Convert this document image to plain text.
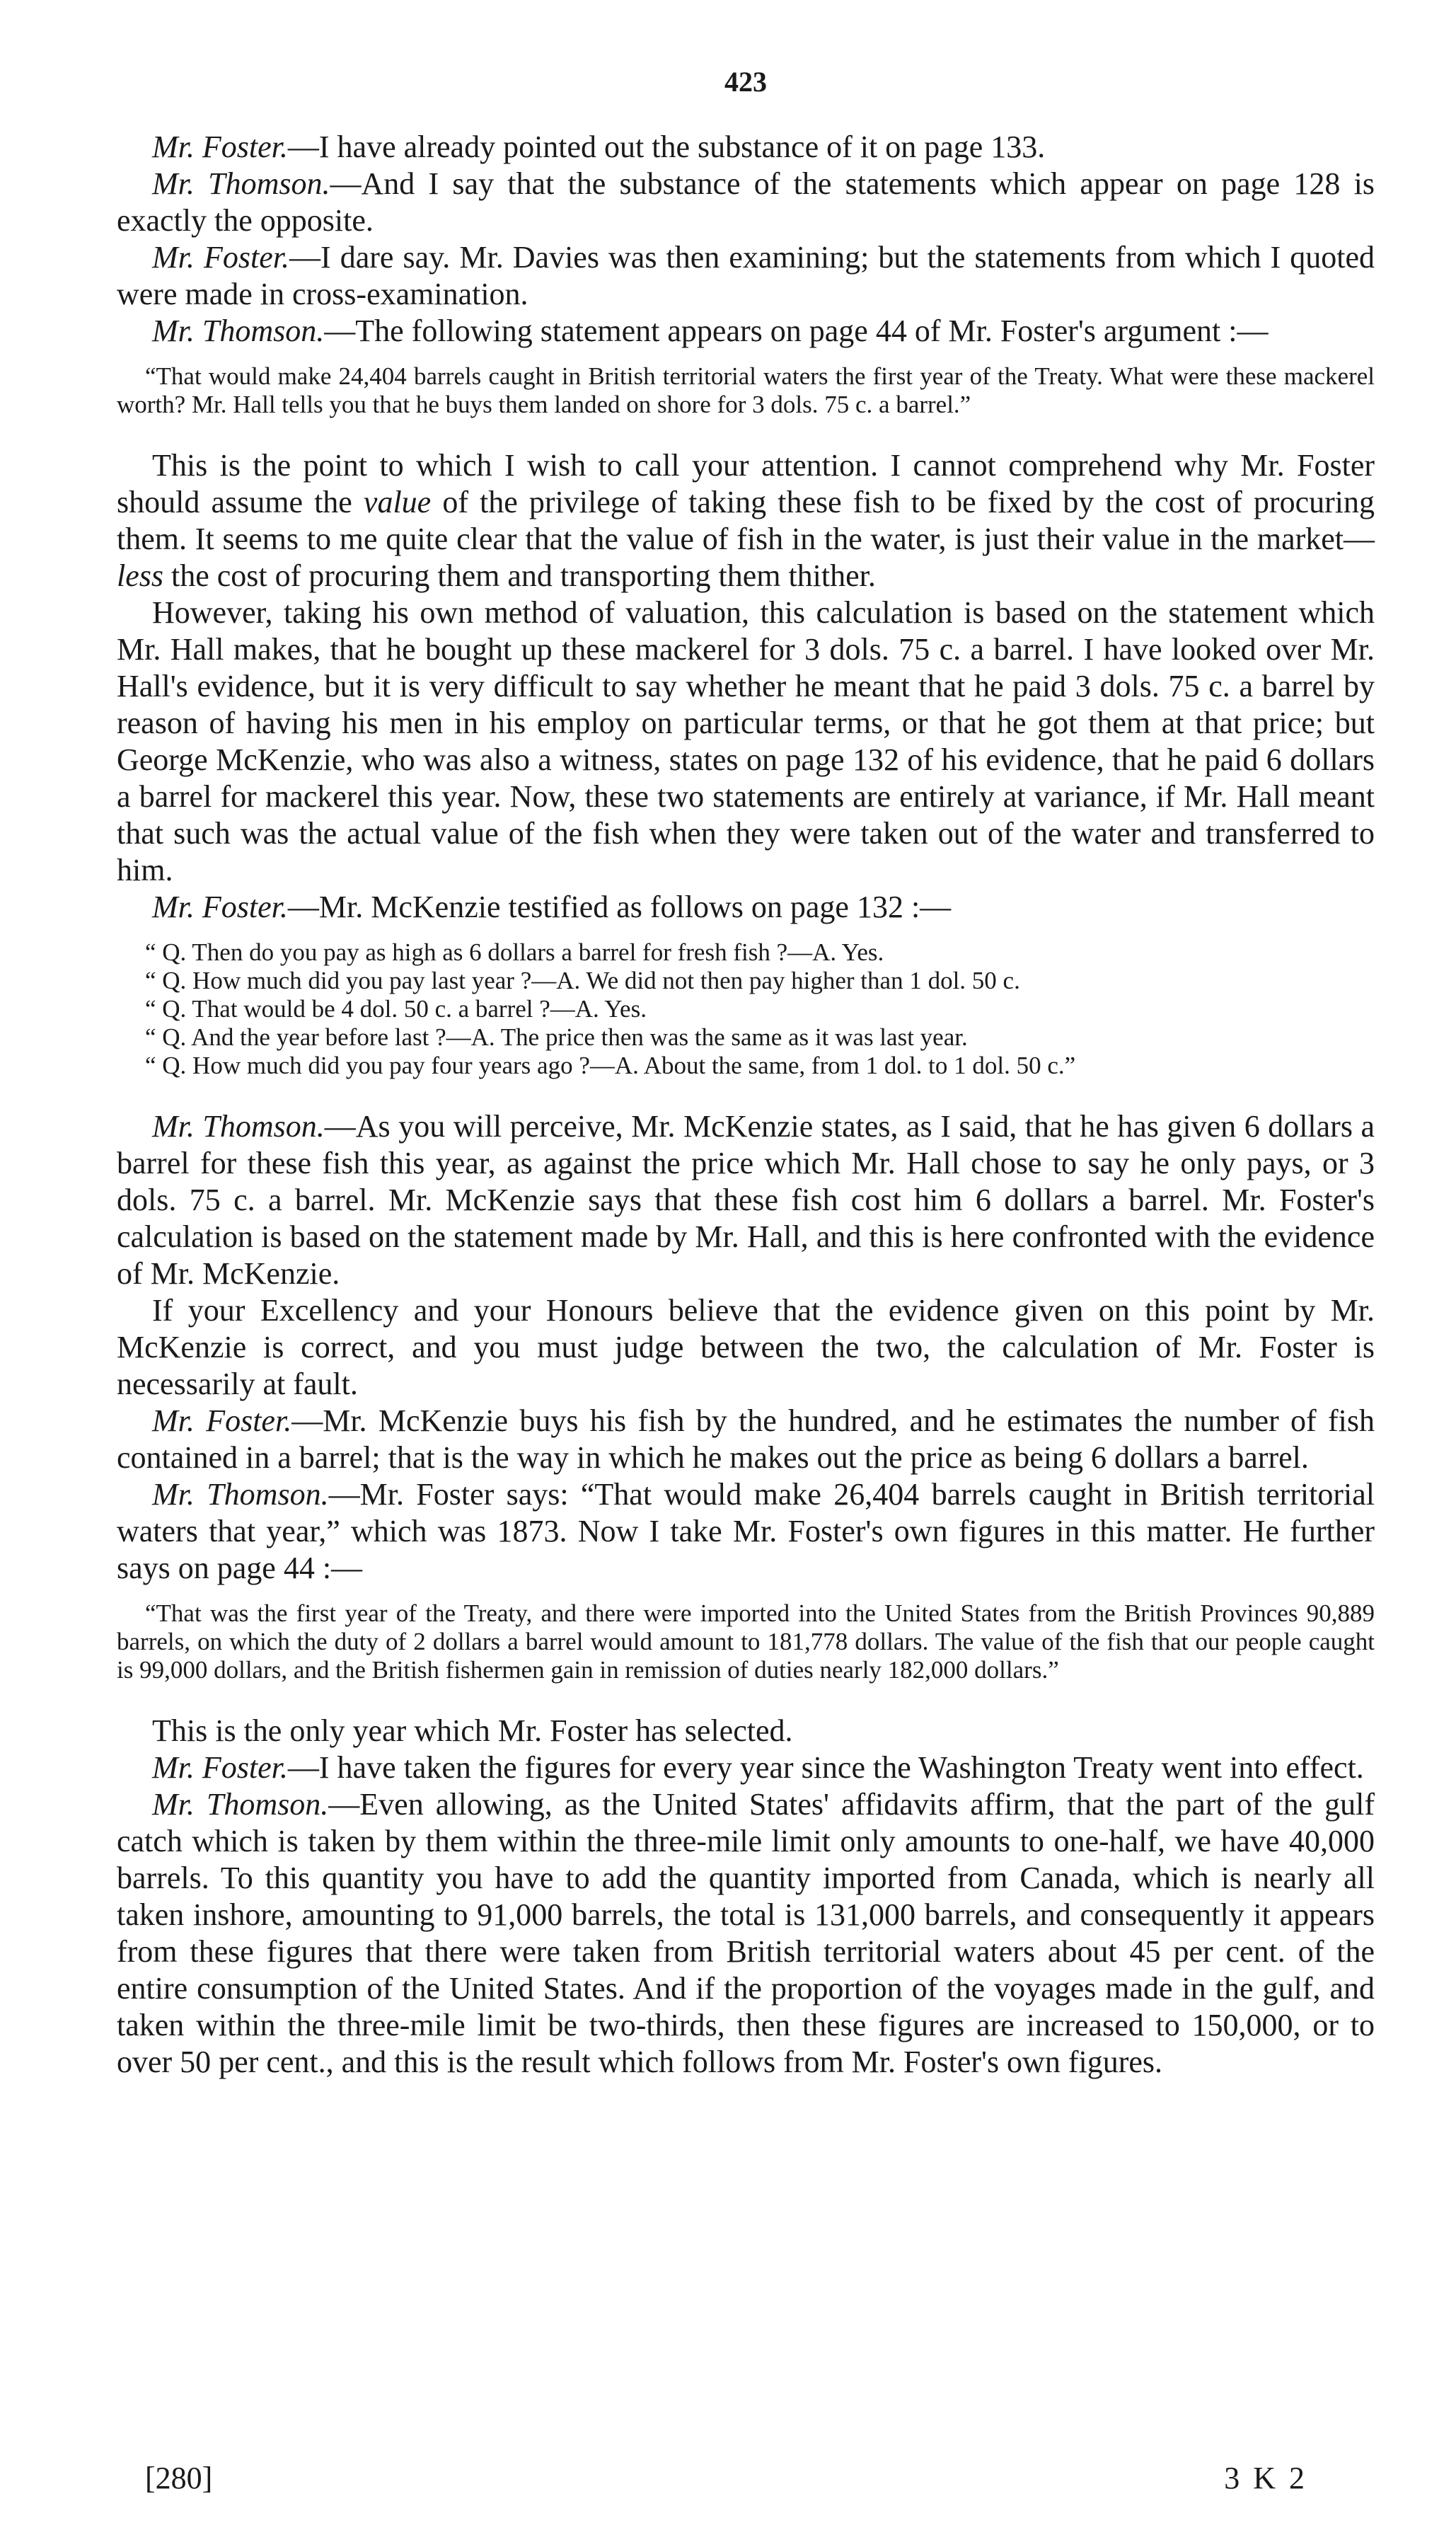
423

Mr. Foster.—I have already pointed out the substance of it on page 133.

Mr. Thomson.—And I say that the substance of the statements which appear on page 128 is exactly the opposite.

Mr. Foster.—I dare say. Mr. Davies was then examining; but the statements from which I quoted were made in cross-examination.

Mr. Thomson.—The following statement appears on page 44 of Mr. Foster's argument :—

“That would make 24,404 barrels caught in British territorial waters the first year of the Treaty. What were these mackerel worth? Mr. Hall tells you that he buys them landed on shore for 3 dols. 75 c. a barrel.”

This is the point to which I wish to call your attention. I cannot comprehend why Mr. Foster should assume the value of the privilege of taking these fish to be fixed by the cost of procuring them. It seems to me quite clear that the value of fish in the water, is just their value in the market—less the cost of procuring them and transporting them thither.

However, taking his own method of valuation, this calculation is based on the statement which Mr. Hall makes, that he bought up these mackerel for 3 dols. 75 c. a barrel. I have looked over Mr. Hall's evidence, but it is very difficult to say whether he meant that he paid 3 dols. 75 c. a barrel by reason of having his men in his employ on particular terms, or that he got them at that price; but George McKenzie, who was also a witness, states on page 132 of his evidence, that he paid 6 dollars a barrel for mackerel this year. Now, these two statements are entirely at variance, if Mr. Hall meant that such was the actual value of the fish when they were taken out of the water and transferred to him.

Mr. Foster.—Mr. McKenzie testified as follows on page 132 :—

“ Q. Then do you pay as high as 6 dollars a barrel for fresh fish ?—A. Yes.
“ Q. How much did you pay last year ?—A. We did not then pay higher than 1 dol. 50 c.
“ Q. That would be 4 dol. 50 c. a barrel ?—A. Yes.
“ Q. And the year before last ?—A. The price then was the same as it was last year.
“ Q. How much did you pay four years ago ?—A. About the same, from 1 dol. to 1 dol. 50 c.”

Mr. Thomson.—As you will perceive, Mr. McKenzie states, as I said, that he has given 6 dollars a barrel for these fish this year, as against the price which Mr. Hall chose to say he only pays, or 3 dols. 75 c. a barrel. Mr. McKenzie says that these fish cost him 6 dollars a barrel. Mr. Foster's calculation is based on the statement made by Mr. Hall, and this is here confronted with the evidence of Mr. McKenzie.

If your Excellency and your Honours believe that the evidence given on this point by Mr. McKenzie is correct, and you must judge between the two, the calculation of Mr. Foster is necessarily at fault.

Mr. Foster.—Mr. McKenzie buys his fish by the hundred, and he estimates the number of fish contained in a barrel; that is the way in which he makes out the price as being 6 dollars a barrel.

Mr. Thomson.—Mr. Foster says: “That would make 26,404 barrels caught in British territorial waters that year,” which was 1873. Now I take Mr. Foster's own figures in this matter. He further says on page 44 :—

“That was the first year of the Treaty, and there were imported into the United States from the British Provinces 90,889 barrels, on which the duty of 2 dollars a barrel would amount to 181,778 dollars. The value of the fish that our people caught is 99,000 dollars, and the British fishermen gain in remission of duties nearly 182,000 dollars.”

This is the only year which Mr. Foster has selected.

Mr. Foster.—I have taken the figures for every year since the Washington Treaty went into effect.

Mr. Thomson.—Even allowing, as the United States' affidavits affirm, that the part of the gulf catch which is taken by them within the three-mile limit only amounts to one-half, we have 40,000 barrels. To this quantity you have to add the quantity imported from Canada, which is nearly all taken inshore, amounting to 91,000 barrels, the total is 131,000 barrels, and consequently it appears from these figures that there were taken from British territorial waters about 45 per cent. of the entire consumption of the United States. And if the proportion of the voyages made in the gulf, and taken within the three-mile limit be two-thirds, then these figures are increased to 150,000, or to over 50 per cent., and this is the result which follows from Mr. Foster's own figures.

[280]	3 K 2
